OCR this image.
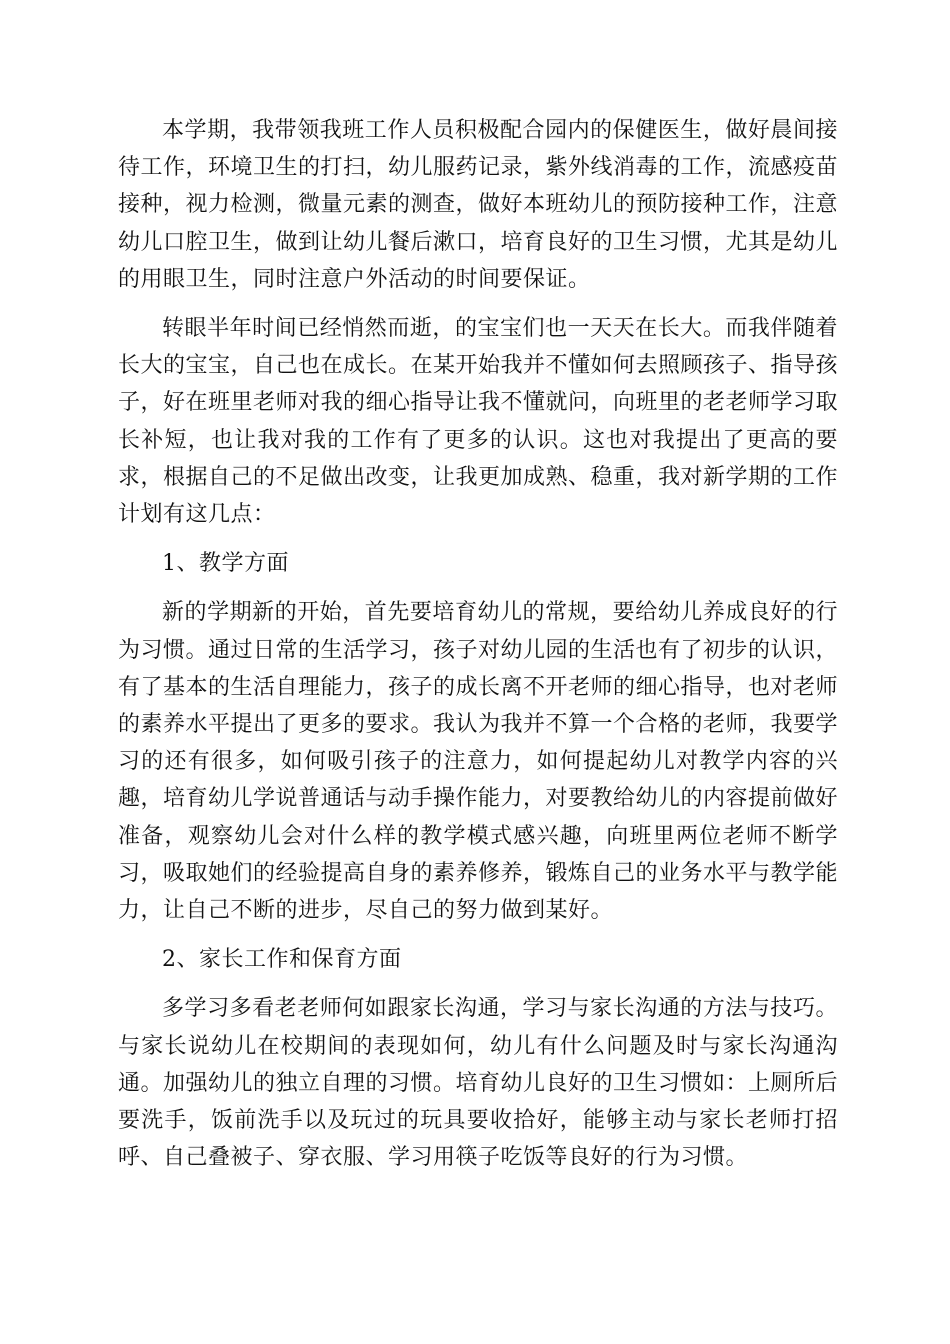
本学期，我带领我班工作人员积极配合园内的保健医生，做好晨间接待工作，环境卫生的打扫，幼儿服药记录，紫外线消毒的工作，流感疫苗接种，视力检测，微量元素的测查，做好本班幼儿的预防接种工作，注意幼儿口腔卫生，做到让幼儿餐后漱口，培育良好的卫生习惯，尤其是幼儿的用眼卫生，同时注意户外活动的时间要保证。

转眼半年时间已经悄然而逝，的宝宝们也一天天在长大。而我伴随着长大的宝宝，自己也在成长。在某开始我并不懂如何去照顾孩子、指导孩子，好在班里老师对我的细心指导让我不懂就问，向班里的老老师学习取长补短，也让我对我的工作有了更多的认识。这也对我提出了更高的要求，根据自己的不足做出改变，让我更加成熟、稳重，我对新学期的工作计划有这几点：

1、教学方面

新的学期新的开始，首先要培育幼儿的常规，要给幼儿养成良好的行为习惯。通过日常的生活学习，孩子对幼儿园的生活也有了初步的认识，有了基本的生活自理能力，孩子的成长离不开老师的细心指导，也对老师的素养水平提出了更多的要求。我认为我并不算一个合格的老师，我要学习的还有很多，如何吸引孩子的注意力，如何提起幼儿对教学内容的兴趣，培育幼儿学说普通话与动手操作能力，对要教给幼儿的内容提前做好准备，观察幼儿会对什么样的教学模式感兴趣，向班里两位老师不断学习，吸取她们的经验提高自身的素养修养，锻炼自己的业务水平与教学能力，让自己不断的进步，尽自己的努力做到某好。

2、家长工作和保育方面

多学习多看老老师何如跟家长沟通，学习与家长沟通的方法与技巧。与家长说幼儿在校期间的表现如何，幼儿有什么问题及时与家长沟通沟通。加强幼儿的独立自理的习惯。培育幼儿良好的卫生习惯如：上厕所后要洗手，饭前洗手以及玩过的玩具要收拾好，能够主动与家长老师打招呼、自己叠被子、穿衣服、学习用筷子吃饭等良好的行为习惯。
